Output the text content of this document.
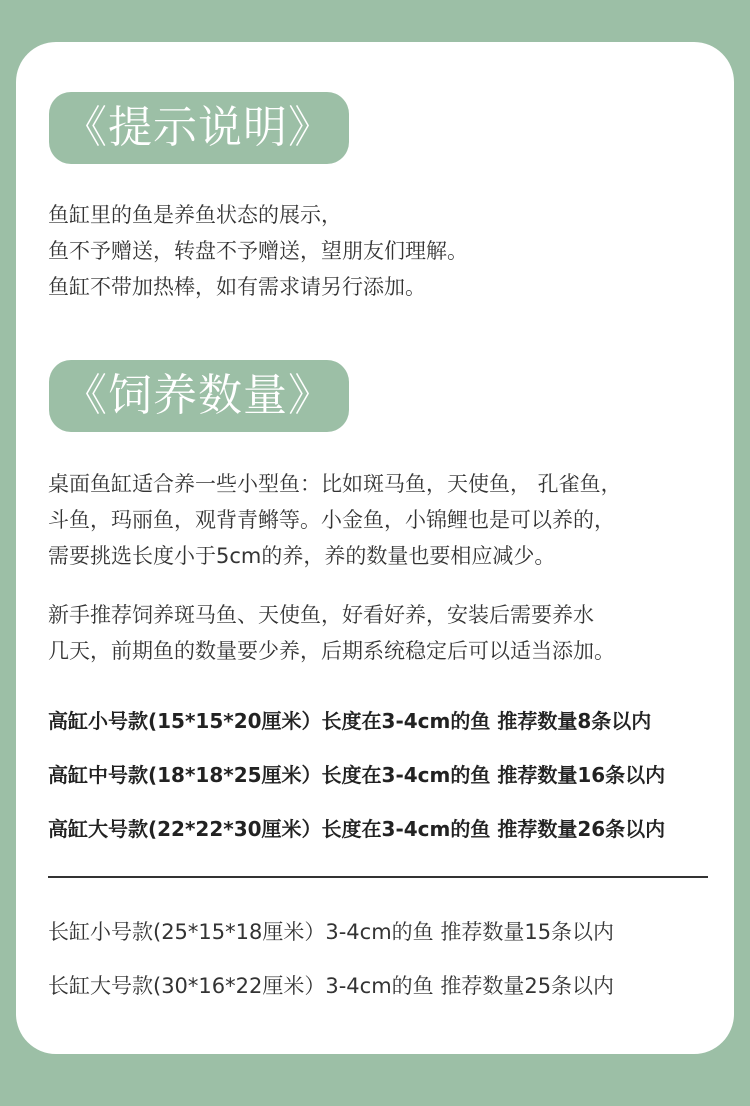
《提示说明》

鱼缸里的鱼是养鱼状态的展示，

鱼不予赠送，转盘不予赠送，望朋友们理解。

鱼缸不带加热棒，如有需求请另行添加。

《饲养数量》

桌面鱼缸适合养一些小型鱼：比如斑马鱼，天使鱼， 孔雀鱼，

斗鱼，玛丽鱼，观背青鳉等。小金鱼，小锦鲤也是可以养的，

需要挑选长度小于5cm的养，养的数量也要相应减少。

新手推荐饲养斑马鱼、天使鱼，好看好养，安装后需要养水

几天，前期鱼的数量要少养，后期系统稳定后可以适当添加。

高缸小号款(15*15*20厘米）长度在3-4cm的鱼 推荐数量8条以内

高缸中号款(18*18*25厘米）长度在3-4cm的鱼 推荐数量16条以内

高缸大号款(22*22*30厘米）长度在3-4cm的鱼 推荐数量26条以内

长缸小号款(25*15*18厘米）3-4cm的鱼 推荐数量15条以内

长缸大号款(30*16*22厘米）3-4cm的鱼 推荐数量25条以内
